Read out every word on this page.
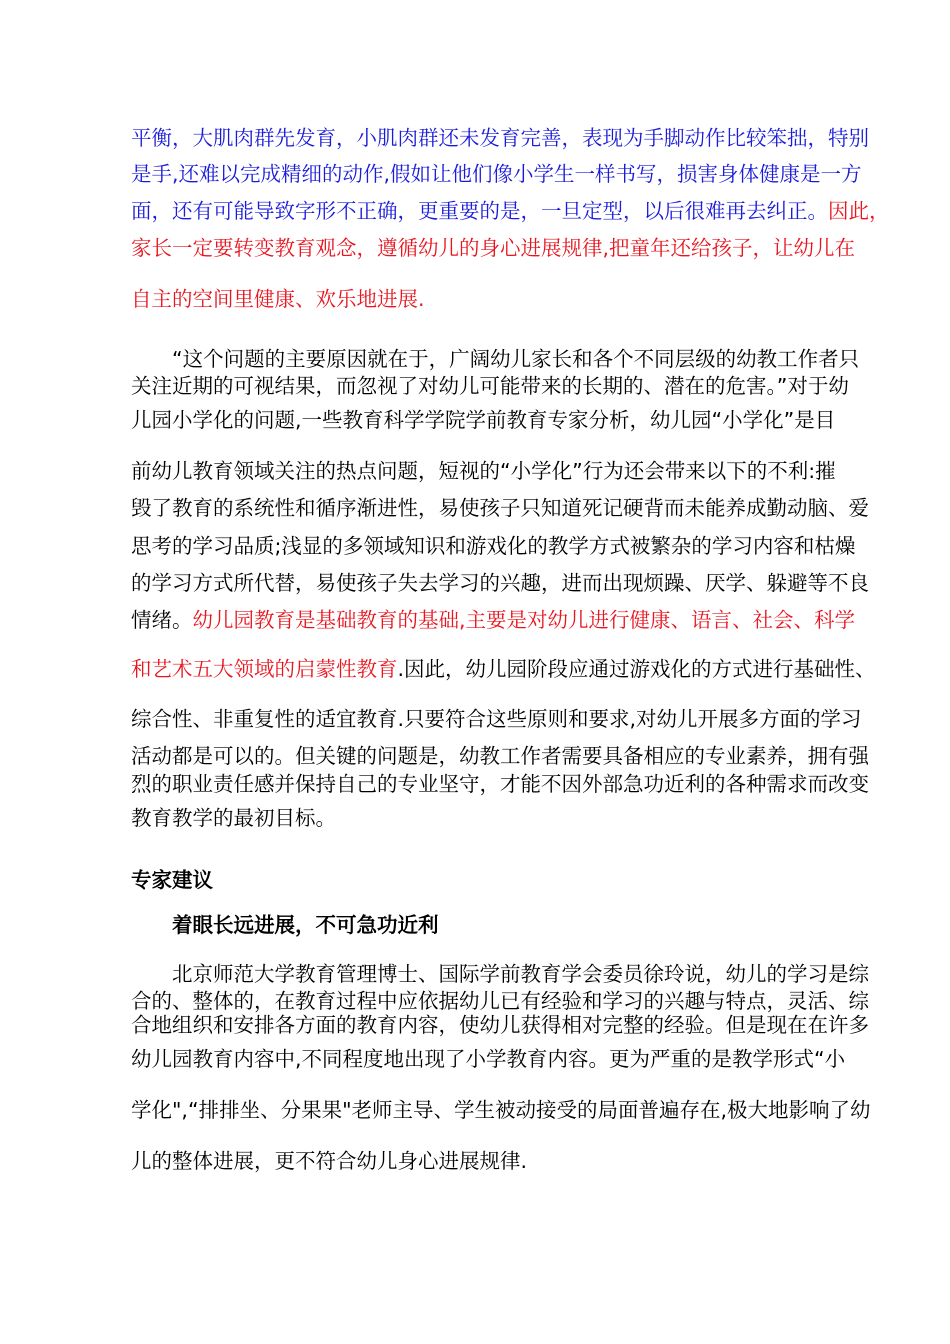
平衡，大肌肉群先发育，小肌肉群还未发育完善，表现为手脚动作比较笨拙，特别
是手,还难以完成精细的动作,假如让他们像小学生一样书写，损害身体健康是一方
面，还有可能导致字形不正确，更重要的是，一旦定型，以后很难再去纠正。因此，
家长一定要转变教育观念，遵循幼儿的身心进展规律,把童年还给孩子，让幼儿在
自主的空间里健康、欢乐地进展.
“这个问题的主要原因就在于，广阔幼儿家长和各个不同层级的幼教工作者只
关注近期的可视结果，而忽视了对幼儿可能带来的长期的、潜在的危害。”对于幼
儿园小学化的问题,一些教育科学学院学前教育专家分析，幼儿园“小学化”是目
前幼儿教育领域关注的热点问题，短视的“小学化”行为还会带来以下的不利:摧
毁了教育的系统性和循序渐进性，易使孩子只知道死记硬背而未能养成勤动脑、爱
思考的学习品质;浅显的多领域知识和游戏化的教学方式被繁杂的学习内容和枯燥
的学习方式所代替，易使孩子失去学习的兴趣，进而出现烦躁、厌学、躲避等不良
情绪。幼儿园教育是基础教育的基础,主要是对幼儿进行健康、语言、社会、科学
和艺术五大领域的启蒙性教育.因此，幼儿园阶段应通过游戏化的方式进行基础性、
综合性、非重复性的适宜教育.只要符合这些原则和要求,对幼儿开展多方面的学习
活动都是可以的。但关键的问题是，幼教工作者需要具备相应的专业素养，拥有强
烈的职业责任感并保持自己的专业坚守，才能不因外部急功近利的各种需求而改变
教育教学的最初目标。
专家建议
着眼长远进展，不可急功近利
北京师范大学教育管理博士、国际学前教育学会委员徐玲说，幼儿的学习是综
合的、整体的，在教育过程中应依据幼儿已有经验和学习的兴趣与特点，灵活、综
合地组织和安排各方面的教育内容，使幼儿获得相对完整的经验。但是现在在许多
幼儿园教育内容中,不同程度地出现了小学教育内容。更为严重的是教学形式“小
学化",“排排坐、分果果"老师主导、学生被动接受的局面普遍存在,极大地影响了幼
儿的整体进展，更不符合幼儿身心进展规律.
